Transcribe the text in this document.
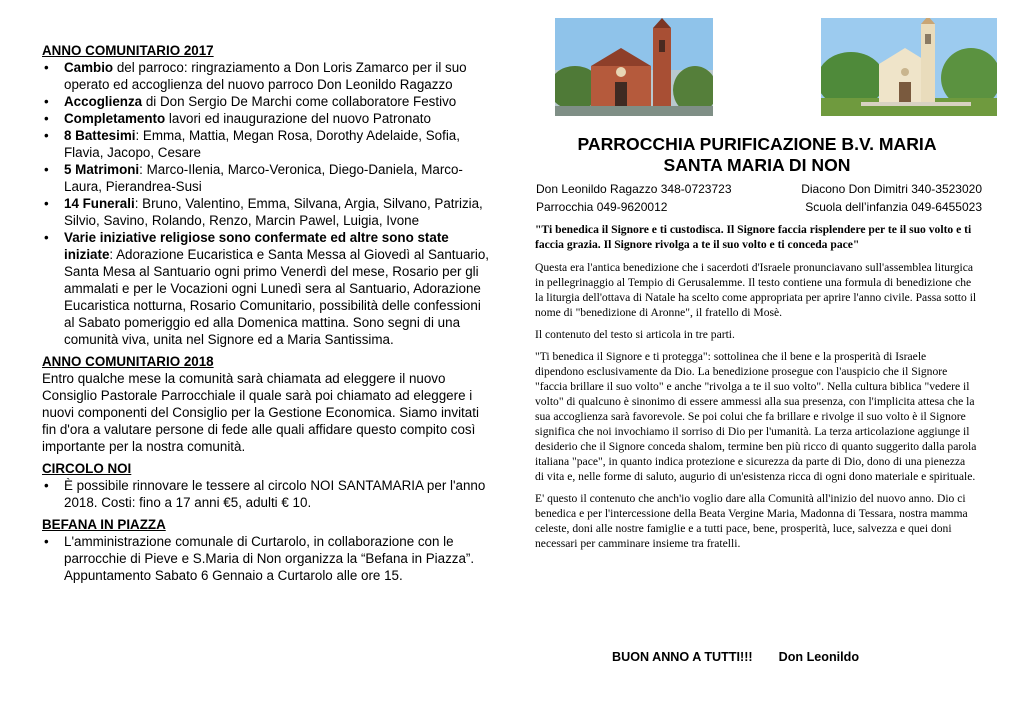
ANNO COMUNITARIO 2017
• Cambio del parroco: ringraziamento a Don Loris Zamarco per il suo operato ed accoglienza del nuovo parroco Don Leonildo Ragazzo
• Accoglienza di Don Sergio De Marchi come collaboratore Festivo
• Completamento lavori ed inaugurazione del nuovo Patronato
• 8 Battesimi: Emma, Mattia, Megan Rosa, Dorothy Adelaide, Sofia, Flavia, Jacopo, Cesare
• 5 Matrimoni: Marco-Ilenia, Marco-Veronica, Diego-Daniela, Marco-Laura, Pierandrea-Susi
• 14 Funerali: Bruno, Valentino, Emma, Silvana, Argia, Silvano, Patrizia, Silvio, Savino, Rolando, Renzo, Marcin Pawel, Luigia, Ivone
• Varie iniziative religiose sono confermate ed altre sono state iniziate: Adorazione Eucaristica e Santa Messa al Giovedì al Santuario, Santa Mesa al Santuario ogni primo Venerdì del mese, Rosario per gli ammalati e per le Vocazioni ogni Lunedì sera al Santuario, Adorazione Eucaristica notturna, Rosario Comunitario, possibilità delle confessioni al Sabato pomeriggio ed alla Domenica mattina. Sono segni di una comunità viva, unita nel Signore ed a Maria Santissima.
ANNO COMUNITARIO 2018

Entro qualche mese la comunità sarà chiamata ad eleggere il nuovo Consiglio Pastorale Parrocchiale il quale sarà poi chiamato ad eleggere i nuovi componenti del Consiglio per la Gestione Economica. Siamo invitati fin d'ora a valutare persone di fede alle quali affidare questo compito così importante per la nostra comunità.

CIRCOLO NOI
• È possibile rinnovare le tessere al circolo NOI SANTAMARIA per l'anno 2018. Costi: fino a 17 anni €5, adulti € 10.
BEFANA IN PIAZZA
• L'amministrazione comunale di Curtarolo, in collaborazione con le parrocchie di Pieve e S.Maria di Non organizza la “Befana in Piazza”. Appuntamento Sabato 6 Gennaio a Curtarolo alle ore 15.
PARROCCHIA PURIFICAZIONE B.V. MARIA
SANTA MARIA DI NON
Don Leonildo Ragazzo 348-0723723	Diacono Don Dimitri 340-3523020
Parrocchia 049-9620012	Scuola dell’infanzia 049-6455023

"Ti benedica il Signore e ti custodisca. Il Signore faccia risplendere per te il suo volto e ti faccia grazia. Il Signore rivolga a te il suo volto e ti conceda pace"

Questa era l'antica benedizione che i sacerdoti d'Israele pronunciavano sull'assemblea liturgica in pellegrinaggio al Tempio di Gerusalemme. Il testo contiene una formula di benedizione che la liturgia dell'ottava di Natale ha scelto come appropriata per aprire l'anno civile. Passa sotto il nome di "benedizione di Aronne", il fratello di Mosè.

Il contenuto del testo si articola in tre parti.

"Ti benedica il Signore e ti protegga": sottolinea che il bene e la prosperità di Israele dipendono esclusivamente da Dio. La benedizione prosegue con l'auspicio che il Signore "faccia brillare il suo volto" e anche "rivolga a te il suo volto". Nella cultura biblica "vedere il volto" di qualcuno è sinonimo di essere ammessi alla sua presenza, con l'implicita attesa che la sua accoglienza sarà favorevole. Se poi colui che fa brillare e rivolge il suo volto è il Signore significa che noi invochiamo il sorriso di Dio per l'umanità. La terza articolazione aggiunge il desiderio che il Signore conceda shalom, termine ben più ricco di quanto suggerito dalla parola italiana "pace", in quanto indica protezione e sicurezza da parte di Dio, dono di una pienezza di vita e, nelle forme di saluto, augurio di un'esistenza ricca di ogni dono materiale e spirituale.

E' questo il contenuto che anch'io voglio dare alla Comunità all'inizio del nuovo anno. Dio ci benedica e per l'intercessione della Beata Vergine Maria, Madonna di Tessara, nostra mamma celeste, doni alle nostre famiglie e a tutti pace, bene, prosperità, luce, salvezza e quei doni necessari per camminare insieme tra fratelli.

BUON ANNO A TUTTI!!! Don Leonildo
